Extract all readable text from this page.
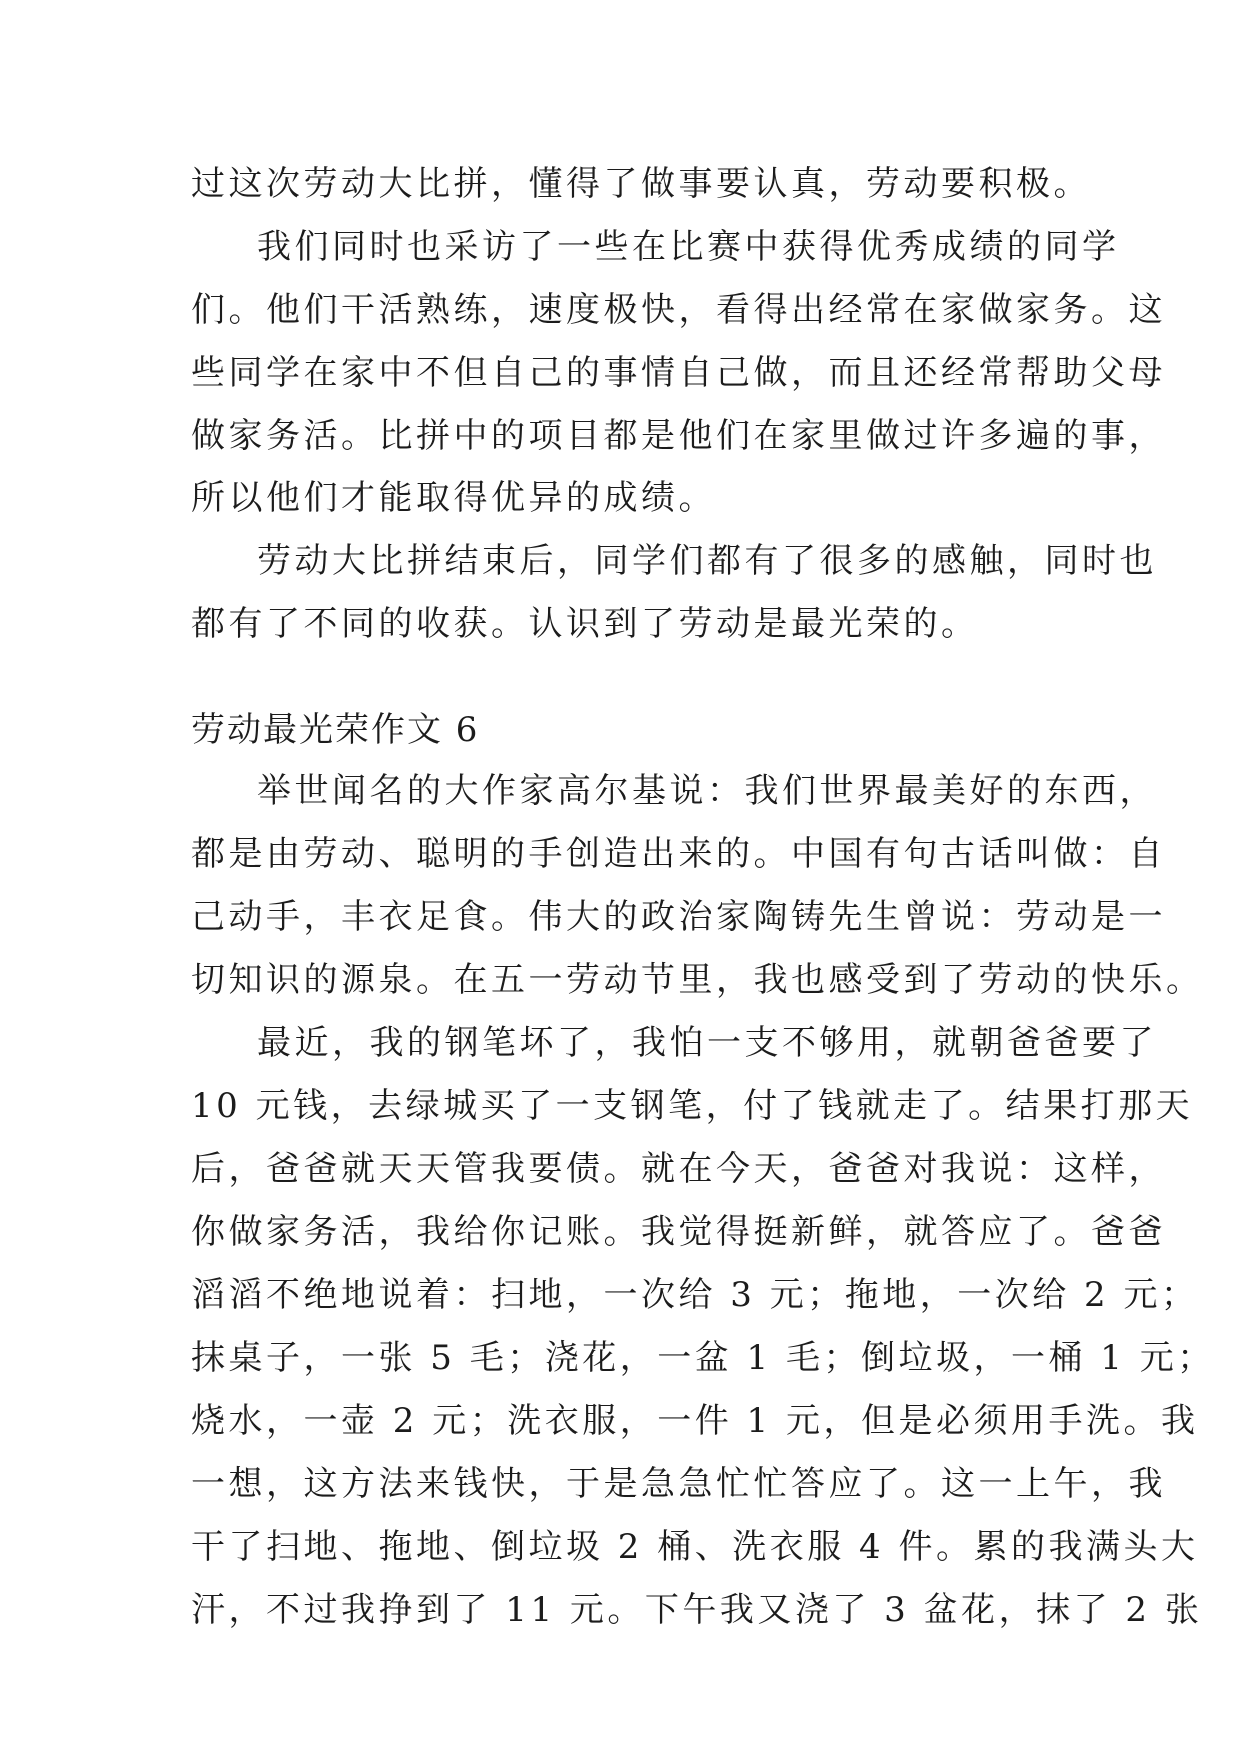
过这次劳动大比拼，懂得了做事要认真，劳动要积极。
我们同时也采访了一些在比赛中获得优秀成绩的同学
们。他们干活熟练，速度极快，看得出经常在家做家务。这
些同学在家中不但自己的事情自己做，而且还经常帮助父母
做家务活。比拼中的项目都是他们在家里做过许多遍的事，
所以他们才能取得优异的成绩。
劳动大比拼结束后，同学们都有了很多的感触，同时也
都有了不同的收获。认识到了劳动是最光荣的。
劳动最光荣作文 6
举世闻名的大作家高尔基说：我们世界最美好的东西，
都是由劳动、聪明的手创造出来的。中国有句古话叫做：自
己动手，丰衣足食。伟大的政治家陶铸先生曾说：劳动是一
切知识的源泉。在五一劳动节里，我也感受到了劳动的快乐。
最近，我的钢笔坏了，我怕一支不够用，就朝爸爸要了
10 元钱，去绿城买了一支钢笔，付了钱就走了。结果打那天
后，爸爸就天天管我要债。就在今天，爸爸对我说：这样，
你做家务活，我给你记账。我觉得挺新鲜，就答应了。爸爸
滔滔不绝地说着：扫地，一次给 3 元；拖地，一次给 2 元；
抹桌子，一张 5 毛；浇花，一盆 1 毛；倒垃圾，一桶 1 元；
烧水，一壶 2 元；洗衣服，一件 1 元，但是必须用手洗。我
一想，这方法来钱快，于是急急忙忙答应了。这一上午，我
干了扫地、拖地、倒垃圾 2 桶、洗衣服 4 件。累的我满头大
汗，不过我挣到了 11 元。下午我又浇了 3 盆花，抹了 2 张
